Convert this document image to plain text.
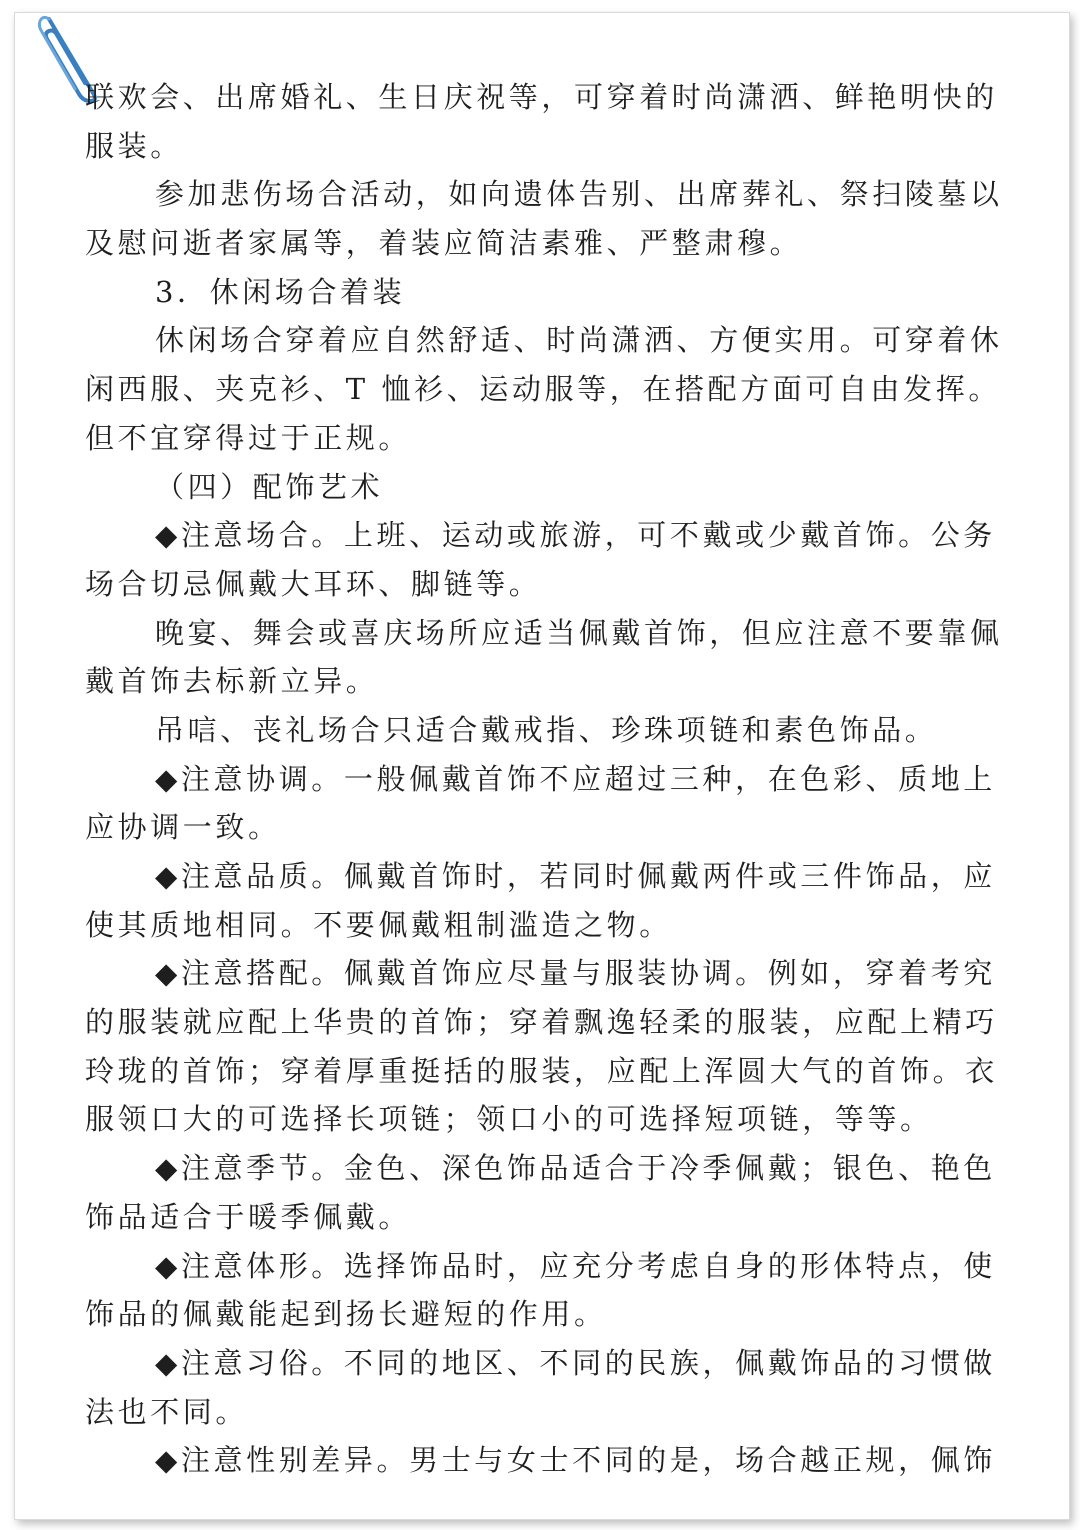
联欢会、出席婚礼、生日庆祝等，可穿着时尚潇洒、鲜艳明快的
服装。
参加悲伤场合活动，如向遗体告别、出席葬礼、祭扫陵墓以
及慰问逝者家属等，着装应简洁素雅、严整肃穆。
3．休闲场合着装
休闲场合穿着应自然舒适、时尚潇洒、方便实用。可穿着休
闲西服、夹克衫、T 恤衫、运动服等，在搭配方面可自由发挥。
但不宜穿得过于正规。
（四）配饰艺术
◆注意场合。上班、运动或旅游，可不戴或少戴首饰。公务
场合切忌佩戴大耳环、脚链等。
晚宴、舞会或喜庆场所应适当佩戴首饰，但应注意不要靠佩
戴首饰去标新立异。
吊唁、丧礼场合只适合戴戒指、珍珠项链和素色饰品。
◆注意协调。一般佩戴首饰不应超过三种，在色彩、质地上
应协调一致。
◆注意品质。佩戴首饰时，若同时佩戴两件或三件饰品，应
使其质地相同。不要佩戴粗制滥造之物。
◆注意搭配。佩戴首饰应尽量与服装协调。例如，穿着考究
的服装就应配上华贵的首饰；穿着飘逸轻柔的服装，应配上精巧
玲珑的首饰；穿着厚重挺括的服装，应配上浑圆大气的首饰。衣
服领口大的可选择长项链；领口小的可选择短项链，等等。
◆注意季节。金色、深色饰品适合于冷季佩戴；银色、艳色
饰品适合于暖季佩戴。
◆注意体形。选择饰品时，应充分考虑自身的形体特点，使
饰品的佩戴能起到扬长避短的作用。
◆注意习俗。不同的地区、不同的民族，佩戴饰品的习惯做
法也不同。
◆注意性别差异。男士与女士不同的是，场合越正规，佩饰
